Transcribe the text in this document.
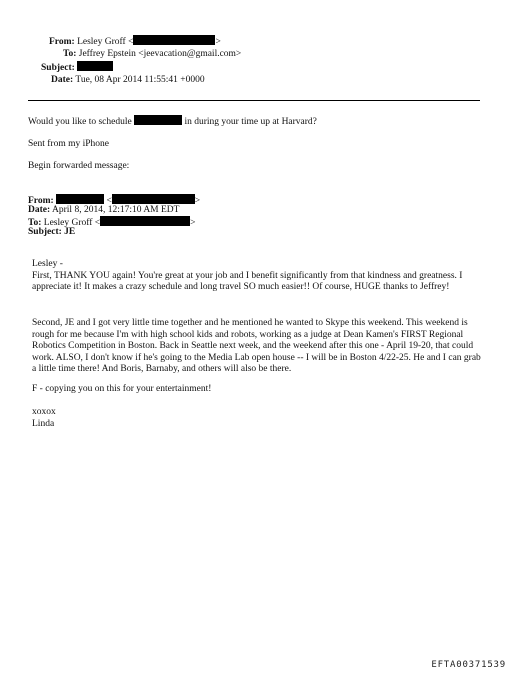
From: Lesley Groff <	>
To: Jeffrey Epstein <jeevacation@gmail.com>
Subject:
Date: Tue, 08 Apr 2014 11:55:41 +0000
Would you like to schedule	in during your time up at Harvard?
Sent from my iPhone
Begin forwarded message:
From:	<	>
Date: April 8, 2014, 12:17:10 AM EDT
To: Lesley Groff <	>
Subject: JE

Lesley -

First, THANK YOU again! You're great at your job and I benefit significantly from that kindness and greatness. I appreciate it! It makes a crazy schedule and long travel SO much easier!! Of course, HUGE thanks to Jeffrey!

Second, JE and I got very little time together and he mentioned he wanted to Skype this weekend. This weekend is rough for me because I'm with high school kids and robots, working as a judge at Dean Kamen's FIRST Regional Robotics Competition in Boston. Back in Seattle next week, and the weekend after this one - April 19-20, that could work. ALSO, I don't know if he's going to the Media Lab open house -- I will be in Boston 4/22-25. He and I can grab a little time there! And Boris, Barnaby, and others will also be there.

F - copying you on this for your entertainment!

xoxox

Linda

EFTA00371539
